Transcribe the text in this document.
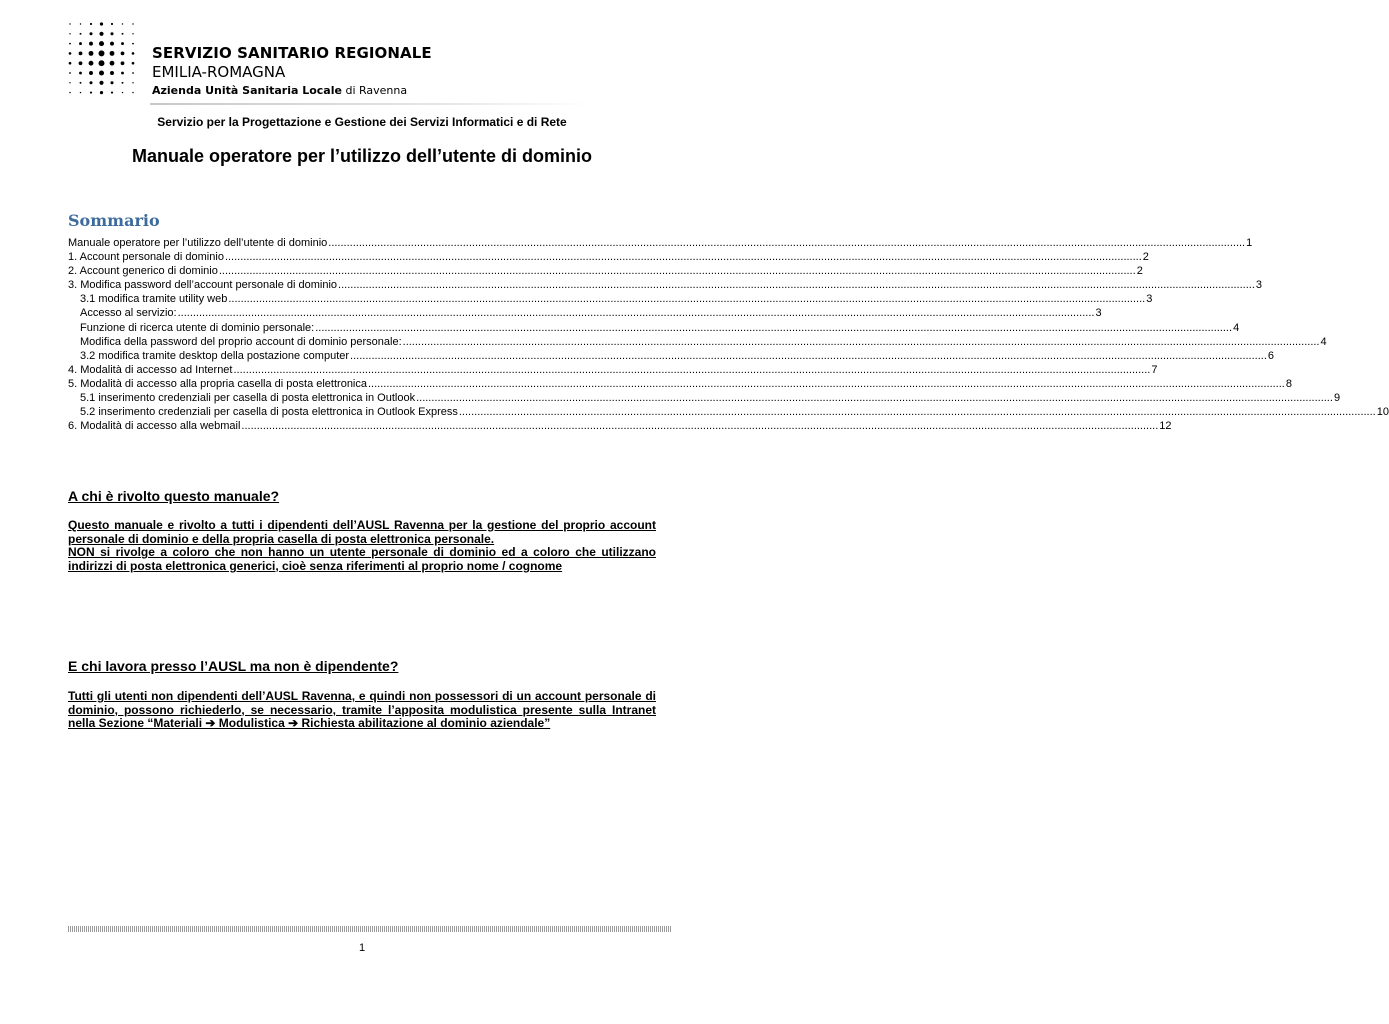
SERVIZIO SANITARIO REGIONALE
EMILIA-ROMAGNA
Azienda Unità Sanitaria Locale di Ravenna
Servizio per la Progettazione e Gestione dei Servizi Informatici e di Rete
Manuale operatore per l’utilizzo dell’utente di dominio
Sommario
Manuale operatore per l’utilizzo dell’utente di dominio ............................................................................................................................................................................................................................................................................................................ 1
1. Account personale di dominio ............................................................................................................................................................................................................................................................................................................ 2
2. Account generico di dominio ............................................................................................................................................................................................................................................................................................................ 2
3. Modifica password dell’account personale di dominio ............................................................................................................................................................................................................................................................................................................ 3
3.1 modifica tramite utility web ............................................................................................................................................................................................................................................................................................................ 3
Accesso al servizio: ............................................................................................................................................................................................................................................................................................................ 3
Funzione di ricerca utente di dominio personale: ............................................................................................................................................................................................................................................................................................................ 4
Modifica della password del proprio account di dominio personale: ............................................................................................................................................................................................................................................................................................................ 4
3.2 modifica tramite desktop della postazione computer ............................................................................................................................................................................................................................................................................................................ 6
4. Modalità di accesso ad Internet ............................................................................................................................................................................................................................................................................................................ 7
5. Modalità di accesso alla propria casella di posta elettronica ............................................................................................................................................................................................................................................................................................................ 8
5.1 inserimento credenziali per casella di posta elettronica in Outlook ............................................................................................................................................................................................................................................................................................................ 9
5.2 inserimento credenziali per casella di posta elettronica in Outlook Express ............................................................................................................................................................................................................................................................................................................ 10
6. Modalità di accesso alla webmail ............................................................................................................................................................................................................................................................................................................ 12
A chi è rivolto questo manuale?

Questo manuale e rivolto a tutti i dipendenti dell’AUSL Ravenna per la gestione del proprio account personale di dominio e della propria casella di posta elettronica personale.

NON si rivolge a coloro che non hanno un utente personale di dominio ed a coloro che utilizzano indirizzi di posta elettronica generici, cioè senza riferimenti al proprio nome / cognome

E chi lavora presso l’AUSL ma non è dipendente?

Tutti gli utenti non dipendenti dell’AUSL Ravenna, e quindi non possessori di un account personale di dominio, possono richiederlo, se necessario, tramite l’apposita modulistica presente sulla Intranet nella Sezione “Materiali ➔ Modulistica ➔ Richiesta abilitazione al dominio aziendale”

1
